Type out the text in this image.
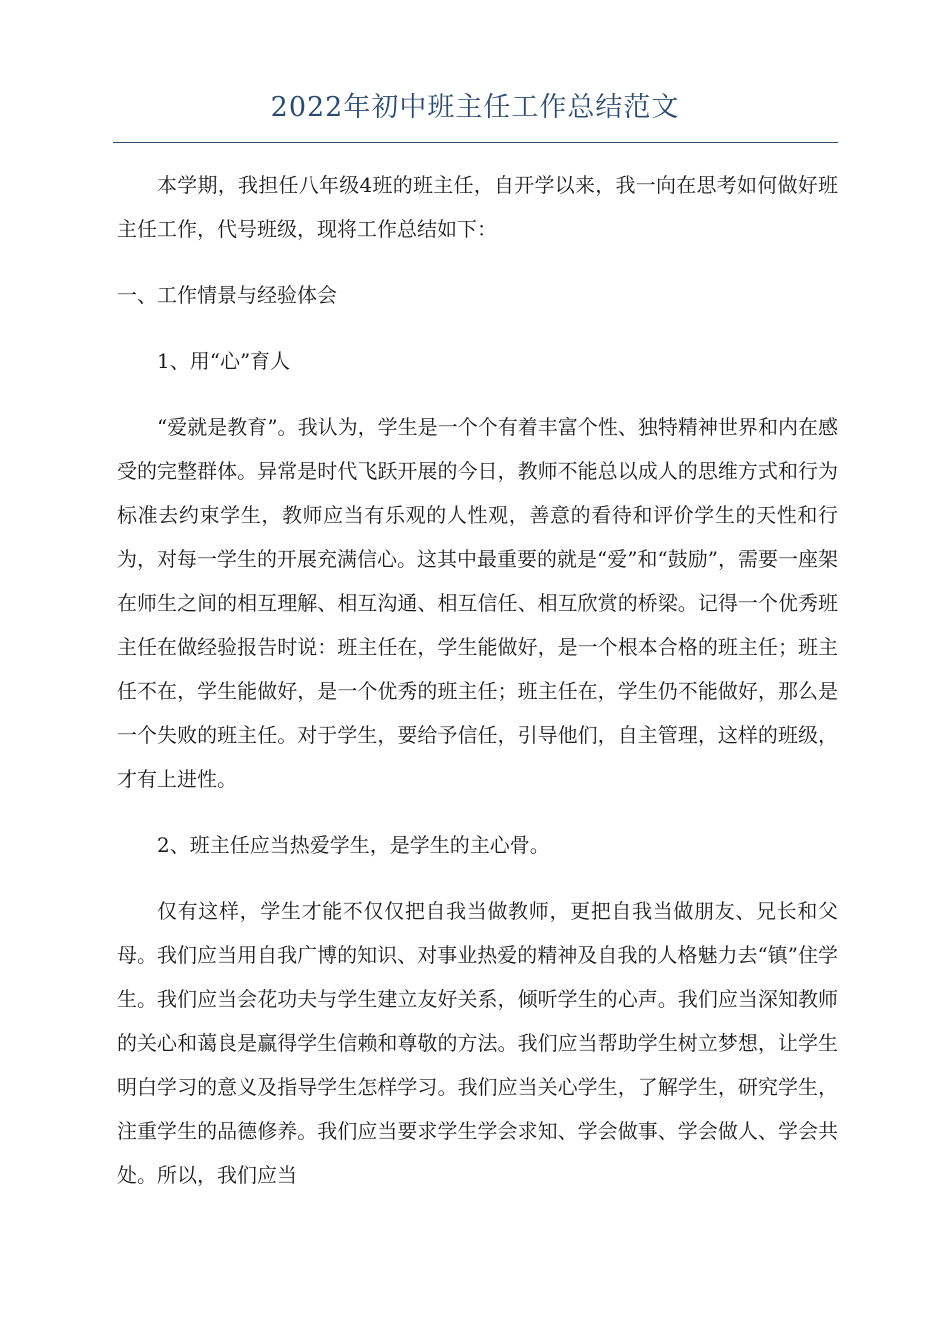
2022年初中班主任工作总结范文

本学期，我担任八年级4班的班主任，自开学以来，我一向在思考如何做好班主任工作，代号班级，现将工作总结如下：

一、工作情景与经验体会

1、用“心”育人

“爱就是教育”。我认为，学生是一个个有着丰富个性、独特精神世界和内在感受的完整群体。异常是时代飞跃开展的今日，教师不能总以成人的思维方式和行为标准去约束学生，教师应当有乐观的人性观，善意的看待和评价学生的天性和行为，对每一学生的开展充满信心。这其中最重要的就是“爱”和“鼓励”，需要一座架在师生之间的相互理解、相互沟通、相互信任、相互欣赏的桥梁。记得一个优秀班主任在做经验报告时说：班主任在，学生能做好，是一个根本合格的班主任；班主任不在，学生能做好，是一个优秀的班主任；班主任在，学生仍不能做好，那么是一个失败的班主任。对于学生，要给予信任，引导他们，自主管理，这样的班级，才有上进性。

2、班主任应当热爱学生，是学生的主心骨。

仅有这样，学生才能不仅仅把自我当做教师，更把自我当做朋友、兄长和父母。我们应当用自我广博的知识、对事业热爱的精神及自我的人格魅力去“镇”住学生。我们应当会花功夫与学生建立友好关系，倾听学生的心声。我们应当深知教师的关心和蔼良是赢得学生信赖和尊敬的方法。我们应当帮助学生树立梦想，让学生明白学习的意义及指导学生怎样学习。我们应当关心学生，了解学生，研究学生，注重学生的品德修养。我们应当要求学生学会求知、学会做事、学会做人、学会共处。所以，我们应当
